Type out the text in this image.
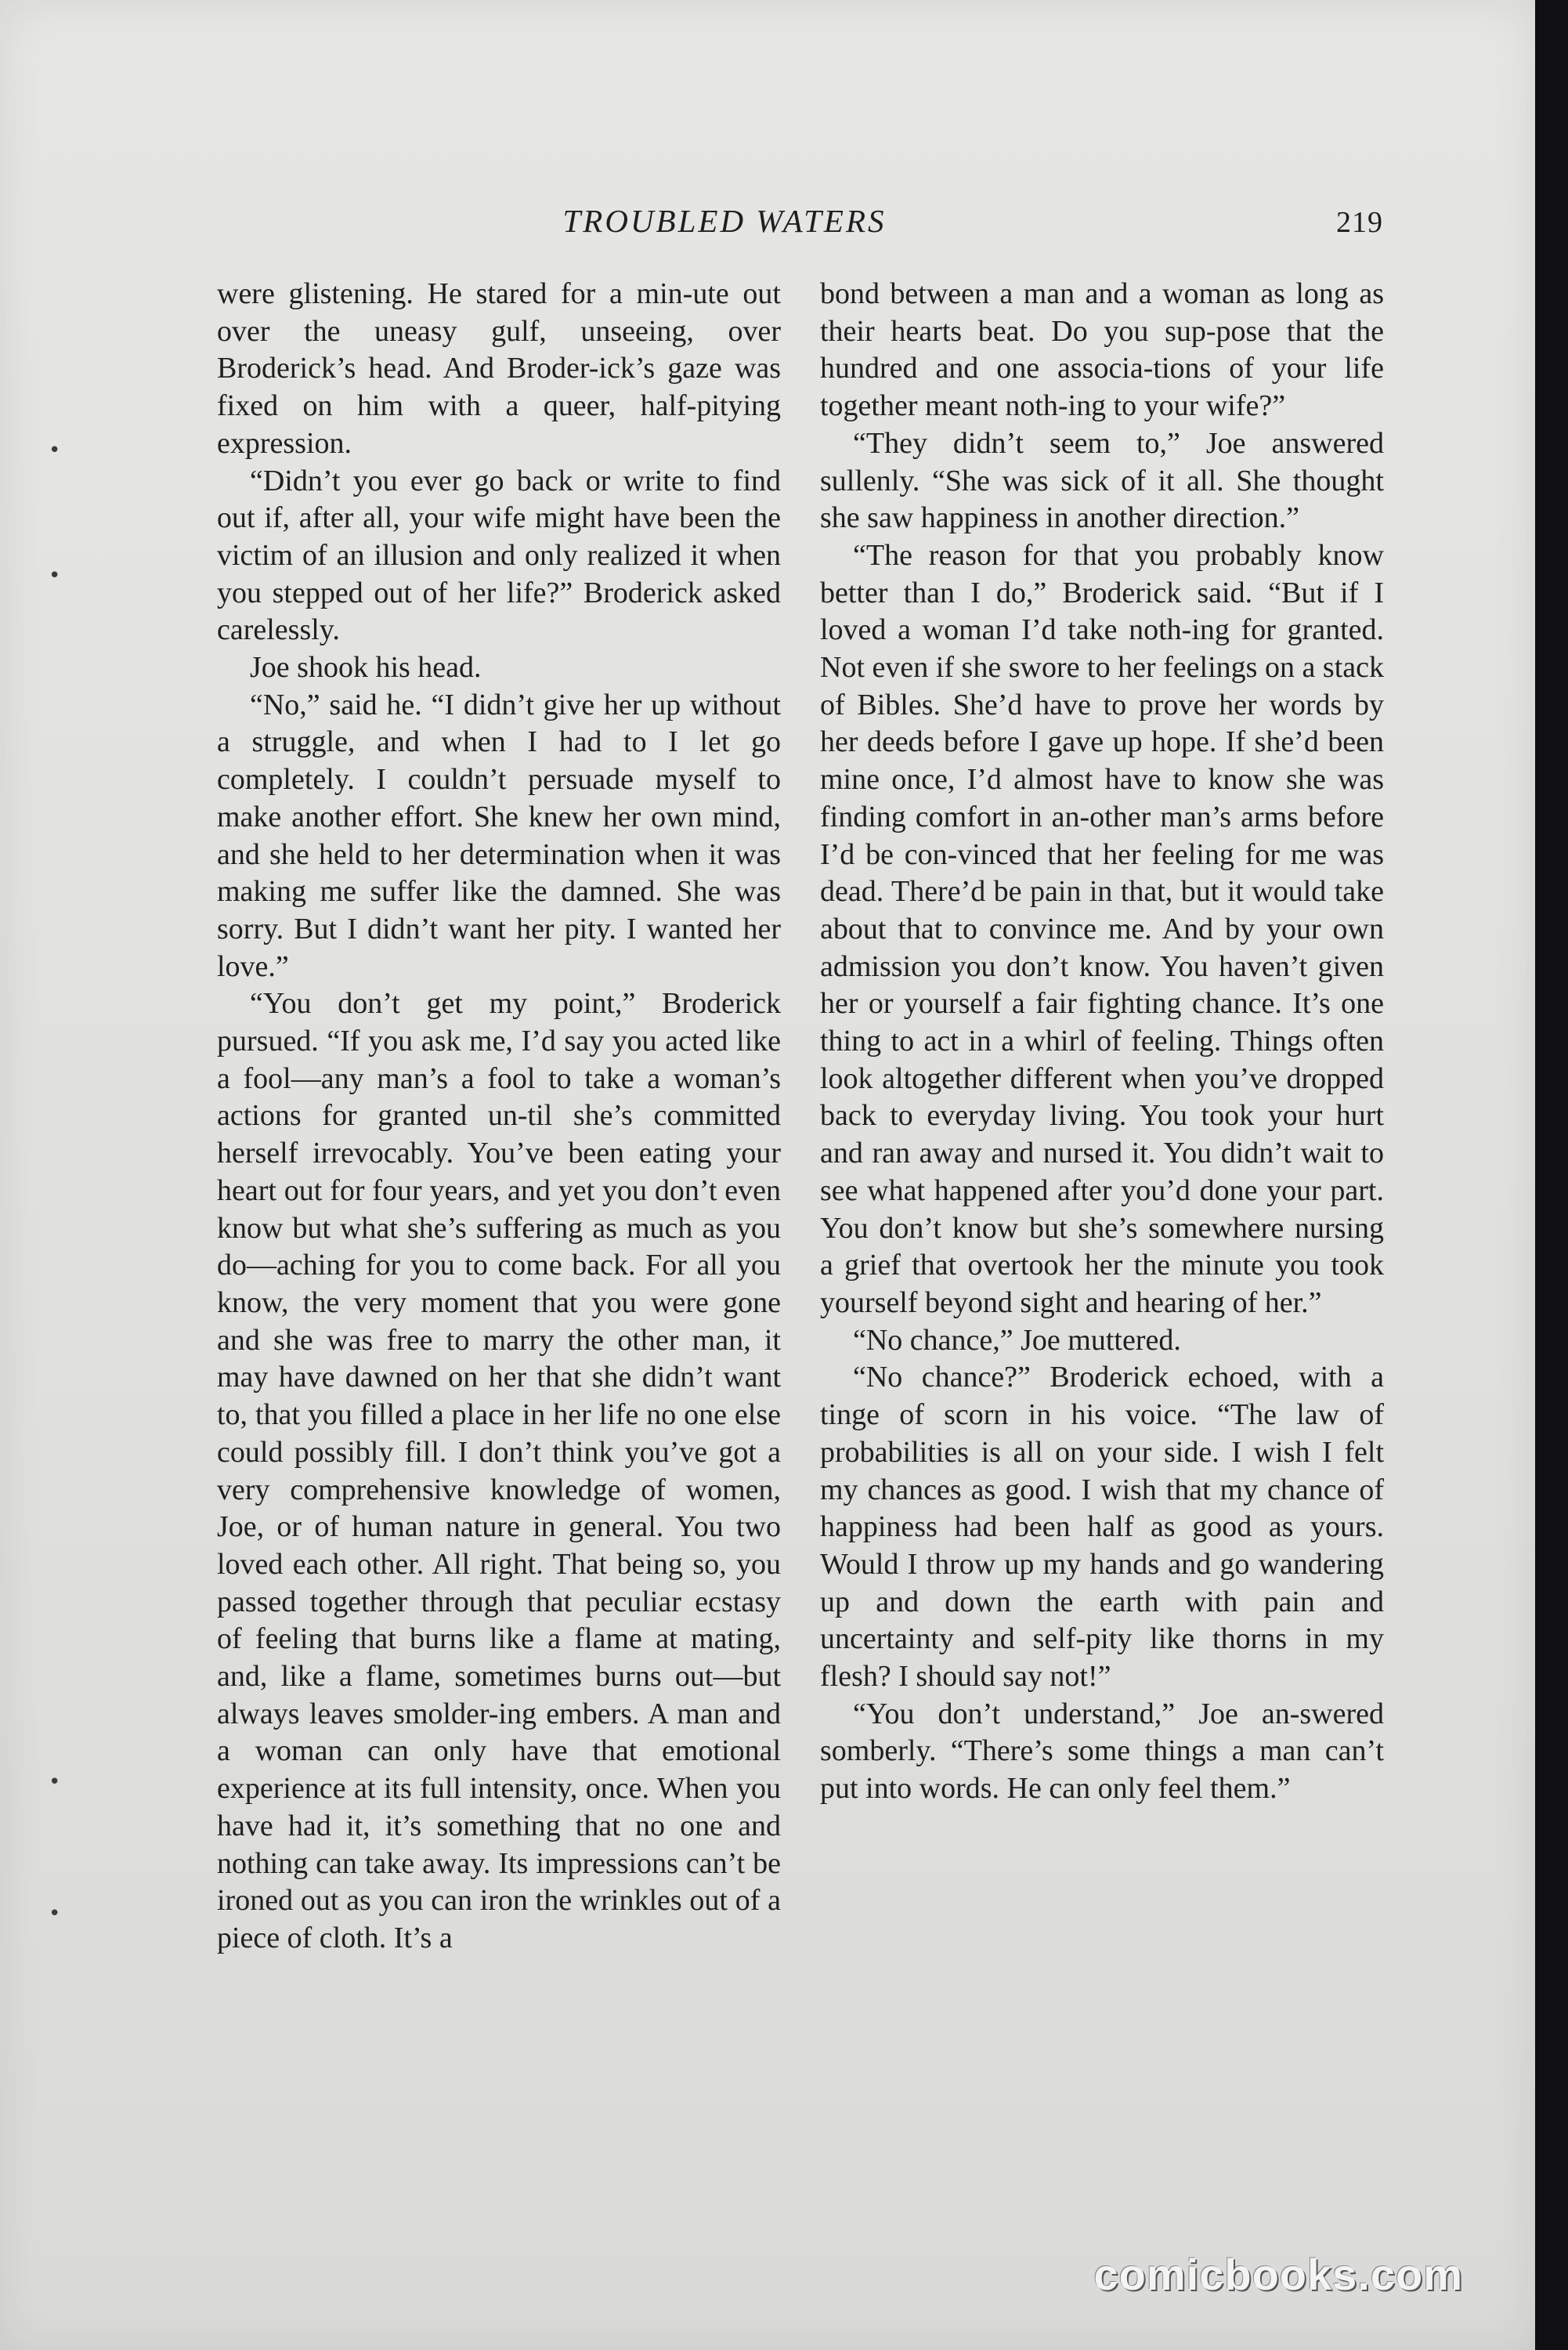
TROUBLED WATERS	219
•
•
•
•

were glistening. He stared for a min-ute out over the uneasy gulf, unseeing, over Broderick’s head. And Broder-ick’s gaze was fixed on him with a queer, half-pitying expression.

“Didn’t you ever go back or write to find out if, after all, your wife might have been the victim of an illusion and only realized it when you stepped out of her life?” Broderick asked carelessly.

Joe shook his head.

“No,” said he. “I didn’t give her up without a struggle, and when I had to I let go completely. I couldn’t persuade myself to make another effort. She knew her own mind, and she held to her determination when it was making me suffer like the damned. She was sorry. But I didn’t want her pity. I wanted her love.”

“You don’t get my point,” Broderick pursued. “If you ask me, I’d say you acted like a fool—any man’s a fool to take a woman’s actions for granted un-til she’s committed herself irrevocably. You’ve been eating your heart out for four years, and yet you don’t even know but what she’s suffering as much as you do—aching for you to come back. For all you know, the very moment that you were gone and she was free to marry the other man, it may have dawned on her that she didn’t want to, that you filled a place in her life no one else could possibly fill. I don’t think you’ve got a very comprehensive knowledge of women, Joe, or of human nature in general. You two loved each other. All right. That being so, you passed together through that peculiar ecstasy of feeling that burns like a flame at mating, and, like a flame, sometimes burns out—but always leaves smolder-ing embers. A man and a woman can only have that emotional experience at its full intensity, once. When you have had it, it’s something that no one and nothing can take away. Its impressions can’t be ironed out as you can iron the wrinkles out of a piece of cloth. It’s a

bond between a man and a woman as long as their hearts beat. Do you sup-pose that the hundred and one associa-tions of your life together meant noth-ing to your wife?”

“They didn’t seem to,” Joe answered sullenly. “She was sick of it all. She thought she saw happiness in another direction.”

“The reason for that you probably know better than I do,” Broderick said. “But if I loved a woman I’d take noth-ing for granted. Not even if she swore to her feelings on a stack of Bibles. She’d have to prove her words by her deeds before I gave up hope. If she’d been mine once, I’d almost have to know she was finding comfort in an-other man’s arms before I’d be con-vinced that her feeling for me was dead. There’d be pain in that, but it would take about that to convince me. And by your own admission you don’t know. You haven’t given her or yourself a fair fighting chance. It’s one thing to act in a whirl of feeling. Things often look altogether different when you’ve dropped back to everyday living. You took your hurt and ran away and nursed it. You didn’t wait to see what happened after you’d done your part. You don’t know but she’s somewhere nursing a grief that overtook her the minute you took yourself beyond sight and hearing of her.”

“No chance,” Joe muttered.

“No chance?” Broderick echoed, with a tinge of scorn in his voice. “The law of probabilities is all on your side. I wish I felt my chances as good. I wish that my chance of happiness had been half as good as yours. Would I throw up my hands and go wandering up and down the earth with pain and uncertainty and self-pity like thorns in my flesh? I should say not!”

“You don’t understand,” Joe an-swered somberly. “There’s some things a man can’t put into words. He can only feel them.”

comicbooks.com
